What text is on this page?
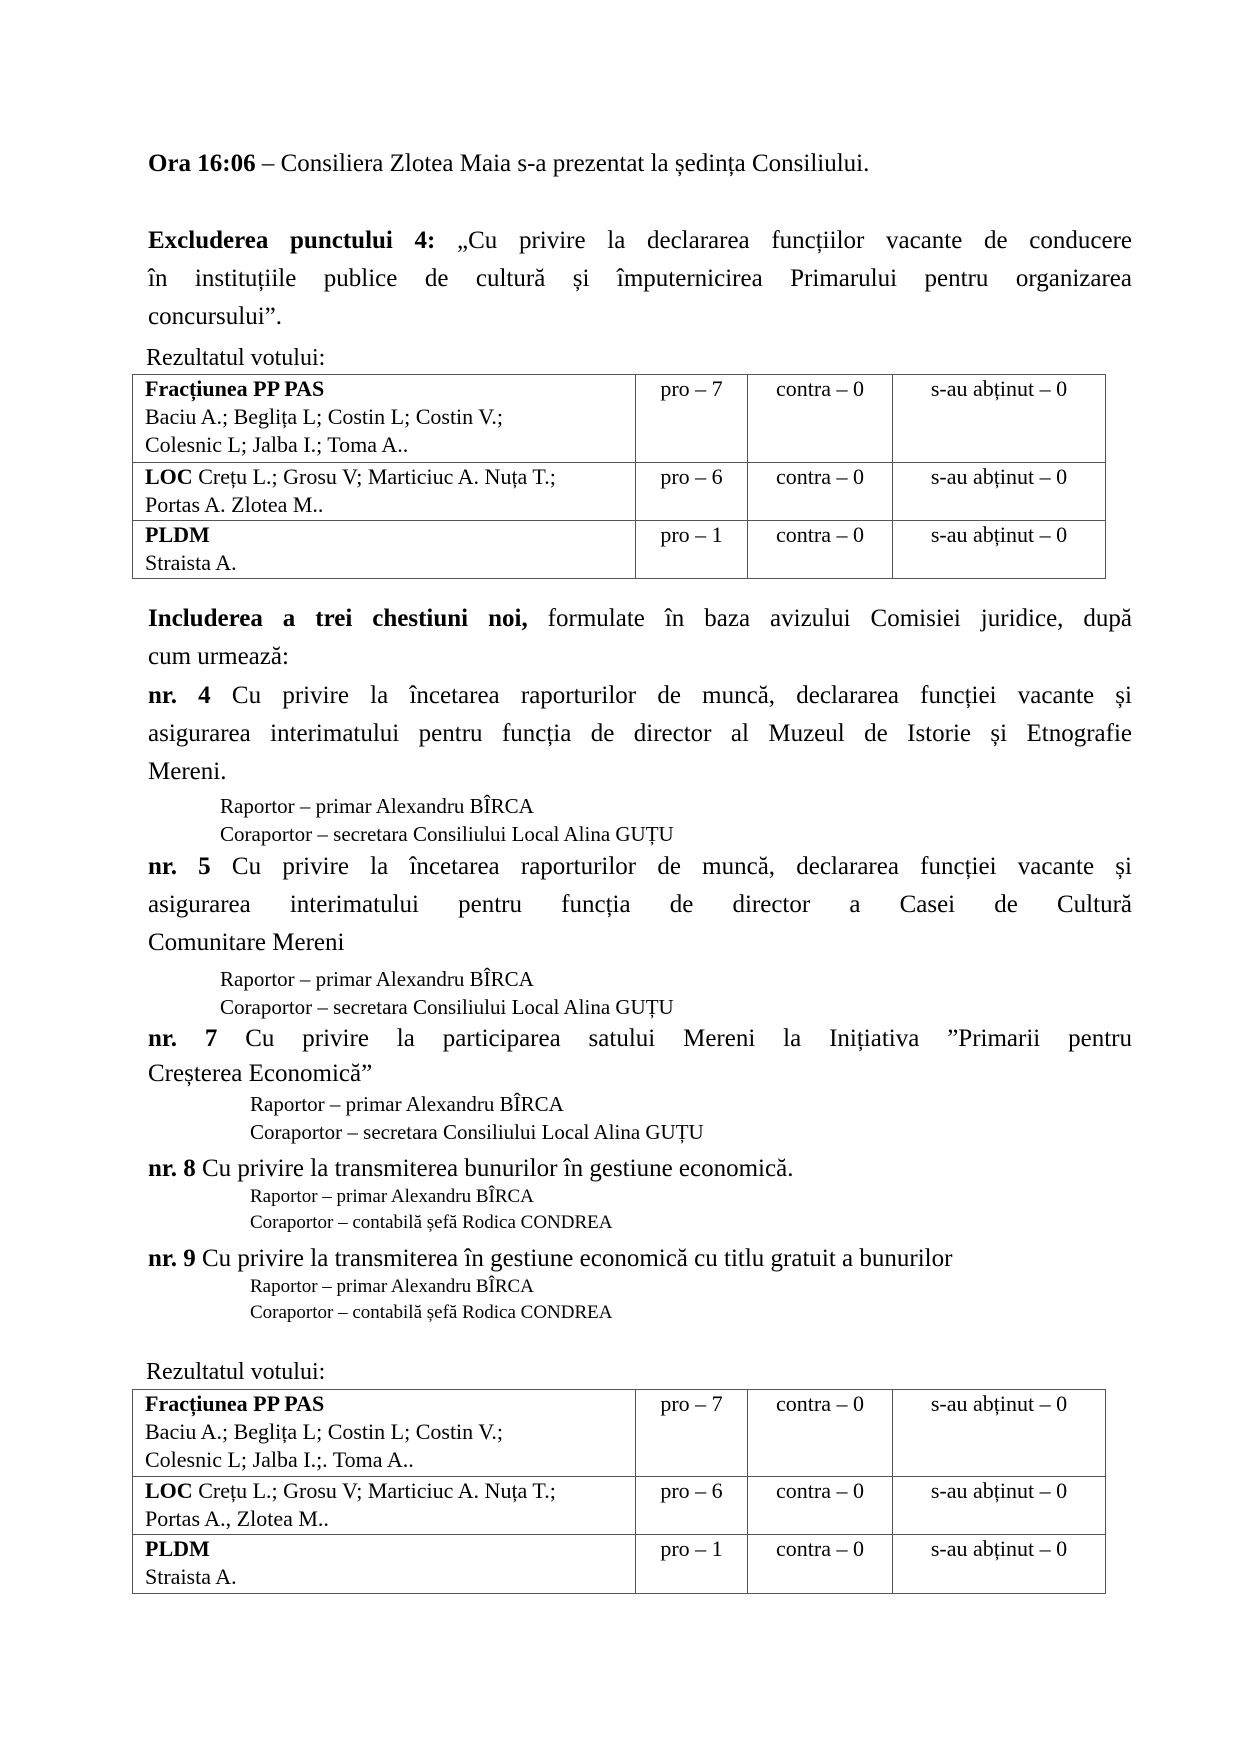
Ora 16:06 – Consiliera Zlotea Maia s-a prezentat la ședința Consiliului.
Excluderea punctului 4: „Cu privire la declararea funcțiilor vacante de conducere
în instituțiile publice de cultură și împuternicirea Primarului pentru organizarea
concursului”.
Rezultatul votului:
Fracțiunea PP PAS
Baciu A.; Beglița L; Costin L; Costin V.;
Colesnic L; Jalba I.; Toma A..	pro – 7	contra – 0	s-au abținut – 0
LOC Crețu L.; Grosu V; Marticiuc A. Nuța T.;
Portas A. Zlotea M..	pro – 6	contra – 0	s-au abținut – 0
PLDM
Straista A.	pro – 1	contra – 0	s-au abținut – 0
Includerea a trei chestiuni noi, formulate în baza avizului Comisiei juridice, după
cum urmează:
nr. 4 Cu privire la încetarea raporturilor de muncă, declararea funcției vacante și
asigurarea interimatului pentru funcția de director al Muzeul de Istorie și Etnografie
Mereni.
Raportor – primar Alexandru BÎRCA
Coraportor – secretara Consiliului Local Alina GUȚU
nr. 5 Cu privire la încetarea raporturilor de muncă, declararea funcției vacante și
asigurarea interimatului pentru funcția de director a Casei de Cultură
Comunitare Mereni
Raportor – primar Alexandru BÎRCA
Coraportor – secretara Consiliului Local Alina GUȚU
nr. 7 Cu privire la participarea satului Mereni la Inițiativa ”Primarii pentru
Creșterea Economică”
Raportor – primar Alexandru BÎRCA
Coraportor – secretara Consiliului Local Alina GUȚU
nr. 8 Cu privire la transmiterea bunurilor în gestiune economică.
Raportor – primar Alexandru BÎRCA
Coraportor – contabilă șefă Rodica CONDREA
nr. 9 Cu privire la transmiterea în gestiune economică cu titlu gratuit a bunurilor
Raportor – primar Alexandru BÎRCA
Coraportor – contabilă șefă Rodica CONDREA
Rezultatul votului:
Fracțiunea PP PAS
Baciu A.; Beglița L; Costin L; Costin V.;
Colesnic L; Jalba I.;. Toma A..	pro – 7	contra – 0	s-au abținut – 0
LOC Crețu L.; Grosu V; Marticiuc A. Nuța T.;
Portas A., Zlotea M..	pro – 6	contra – 0	s-au abținut – 0
PLDM
Straista A.	pro – 1	contra – 0	s-au abținut – 0
